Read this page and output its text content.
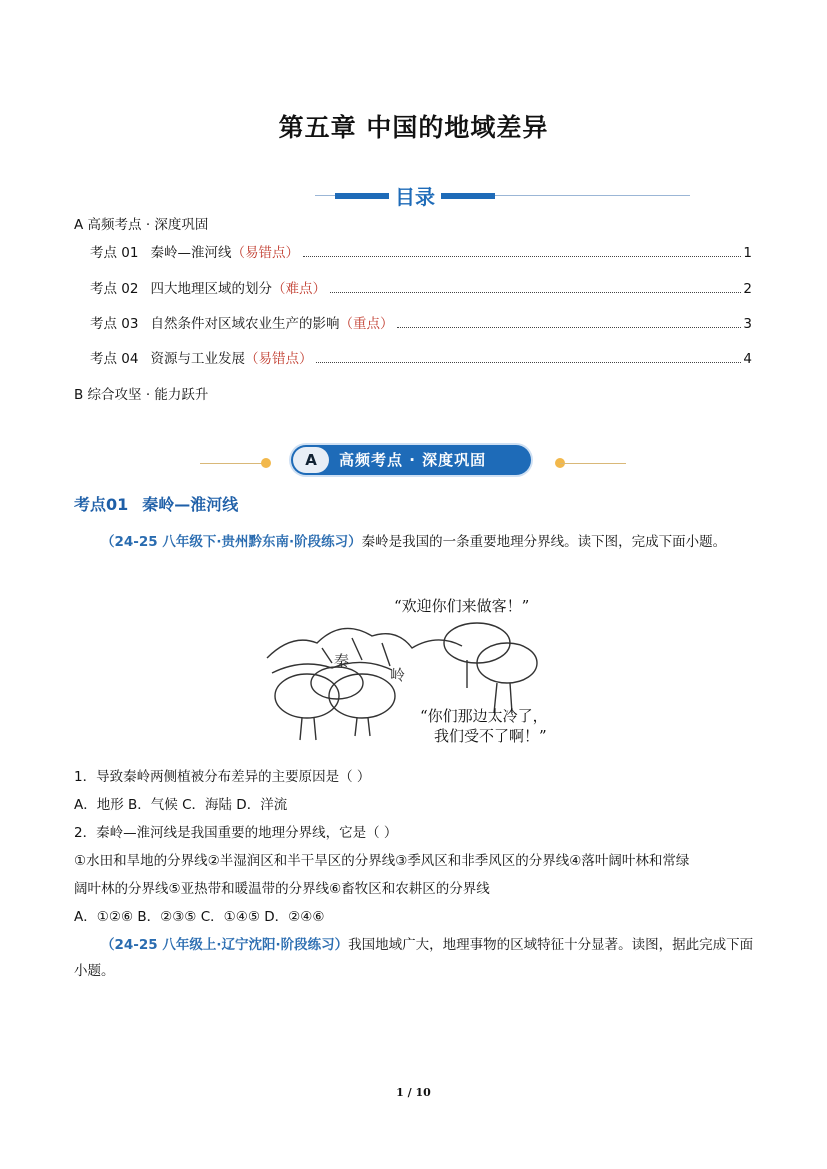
第五章 中国的地域差异
目录
A 高频考点 · 深度巩固
考点 01 秦岭—淮河线 （易错点）	1
考点 02 四大地理区域的划分 （难点）	2
考点 03 自然条件对区域农业生产的影响 （重点）	3
考点 04 资源与工业发展 （易错点）	4
B 综合攻坚 · 能力跃升
A	高频考点 · 深度巩固
考点01 秦岭—淮河线
（24-25 八年级下·贵州黔东南·阶段练习）秦岭是我国的一条重要地理分界线。读下图，完成下面小题。
秦
岭
“欢迎你们来做客！”
“你们那边太冷了，
我们受不了啊！”
1．导致秦岭两侧植被分布差异的主要原因是（ ）
A．地形 B．气候 C．海陆 D．洋流
2．秦岭—淮河线是我国重要的地理分界线，它是（ ）
①水田和旱地的分界线②半湿润区和半干旱区的分界线③季风区和非季风区的分界线④落叶阔叶林和常绿
阔叶林的分界线⑤亚热带和暖温带的分界线⑥畜牧区和农耕区的分界线
A．①②⑥ B．②③⑤ C．①④⑤ D．②④⑥
（24-25 八年级上·辽宁沈阳·阶段练习）我国地域广大，地理事物的区域特征十分显著。读图，据此完成下面小题。
1 / 10
